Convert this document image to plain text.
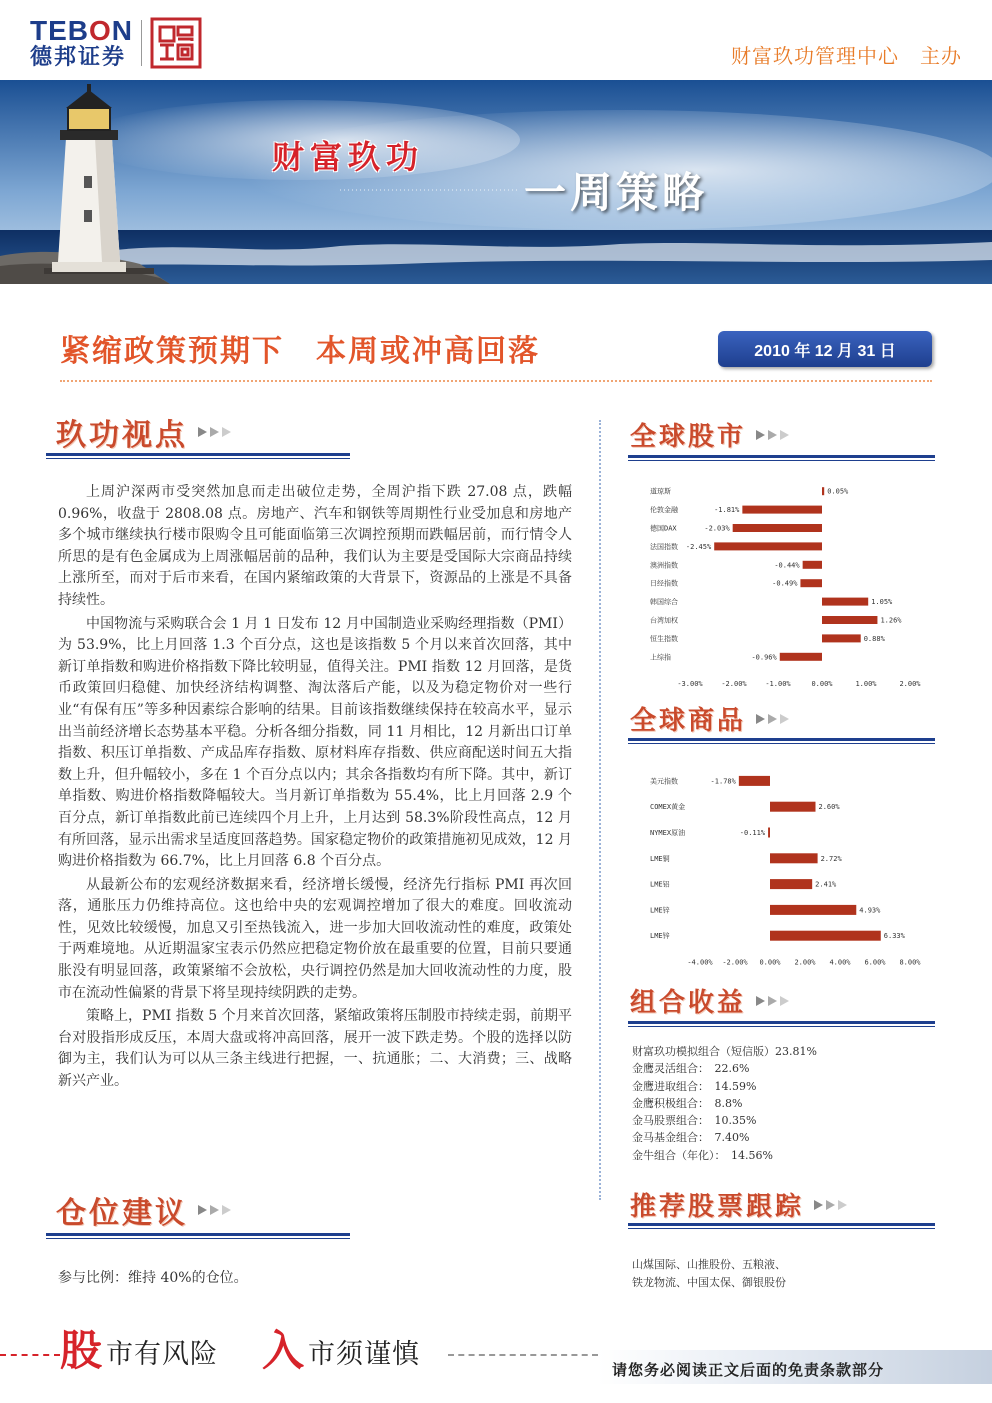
TEBON
德邦证券	财富玖功管理中心　主办
财富玖功
一周策略
紧缩政策预期下　本周或冲高回落	2010 年 12 月 31 日
玖功视点

上周沪深两市受突然加息而走出破位走势，全周沪指下跌 27.08 点，跌幅 0.96%，收盘于 2808.08 点。房地产、汽车和钢铁等周期性行业受加息和房地产多个城市继续执行楼市限购令且可能面临第三次调控预期而跌幅居前，而行情令人所思的是有色金属成为上周涨幅居前的品种，我们认为主要是受国际大宗商品持续上涨所至，而对于后市来看，在国内紧缩政策的大背景下，资源品的上涨是不具备持续性。

中国物流与采购联合会 1 月 1 日发布 12 月中国制造业采购经理指数（PMI）为 53.9%，比上月回落 1.3 个百分点，这也是该指数 5 个月以来首次回落，其中新订单指数和购进价格指数下降比较明显，值得关注。PMI 指数 12 月回落，是货币政策回归稳健、加快经济结构调整、淘汰落后产能，以及为稳定物价对一些行业“有保有压”等多种因素综合影响的结果。目前该指数继续保持在较高水平，显示出当前经济增长态势基本平稳。分析各细分指数，同 11 月相比，12 月新出口订单指数、积压订单指数、产成品库存指数、原材料库存指数、供应商配送时间五大指数上升，但升幅较小，多在 1 个百分点以内；其余各指数均有所下降。其中，新订单指数、购进价格指数降幅较大。当月新订单指数为 55.4%，比上月回落 2.9 个百分点，新订单指数此前已连续四个月上升，上月达到 58.3%阶段性高点，12 月有所回落，显示出需求呈适度回落趋势。国家稳定物价的政策措施初见成效，12 月购进价格指数为 66.7%，比上月回落 6.8 个百分点。

从最新公布的宏观经济数据来看，经济增长缓慢，经济先行指标 PMI 再次回落，通胀压力仍维持高位。这也给中央的宏观调控增加了很大的难度。回收流动性，见效比较缓慢，加息又引至热钱流入，进一步加大回收流动性的难度，政策处于两难境地。从近期温家宝表示仍然应把稳定物价放在最重要的位置，目前只要通胀没有明显回落，政策紧缩不会放松，央行调控仍然是加大回收流动性的力度，股市在流动性偏紧的背景下将呈现持续阴跌的走势。

策略上，PMI 指数 5 个月来首次回落，紧缩政策将压制股市持续走弱，前期平台对股指形成反压，本周大盘或将冲高回落，展开一波下跌走势。个股的选择以防御为主，我们认为可以从三条主线进行把握，一、抗通胀；二、大消费；三、战略新兴产业。

仓位建议
参与比例：维持 40%的仓位。
全球股市
道琼斯	0.05%
伦敦金融	-1.81%
德国DAX	-2.03%
法国指数 -2.45%
澳洲指数	-0.44%
日经指数	-0.49%
韩国综合	1.05%
台湾加权	1.26%
恒生指数	0.88%
上综指	-0.96%
-3.00%	-2.00%	-1.00%	0.00%	1.00%	2.00%
全球商品
美元指数	-1.78%
COMEX黄金	2.60%
NYMEX原油	-0.11%
LME铜	2.72%
LME铝	2.41%
LME锌	4.93%
LME锌	6.33%
-4.00% -2.00% 0.00% 2.00% 4.00% 6.00% 8.00%
组合收益
财富玖功模拟组合（短信版）23.81%
金鹰灵活组合：　22.6%
金鹰进取组合：　14.59%
金鹰积极组合：　8.8%
金马股票组合：　10.35%
金马基金组合：　7.40%
金牛组合（年化）：　14.56%
推荐股票跟踪
山煤国际、山推股份、五粮液、
铁龙物流、中国太保、御银股份
股 市有风险 入 市须谨慎	请您务必阅读正文后面的免责条款部分
